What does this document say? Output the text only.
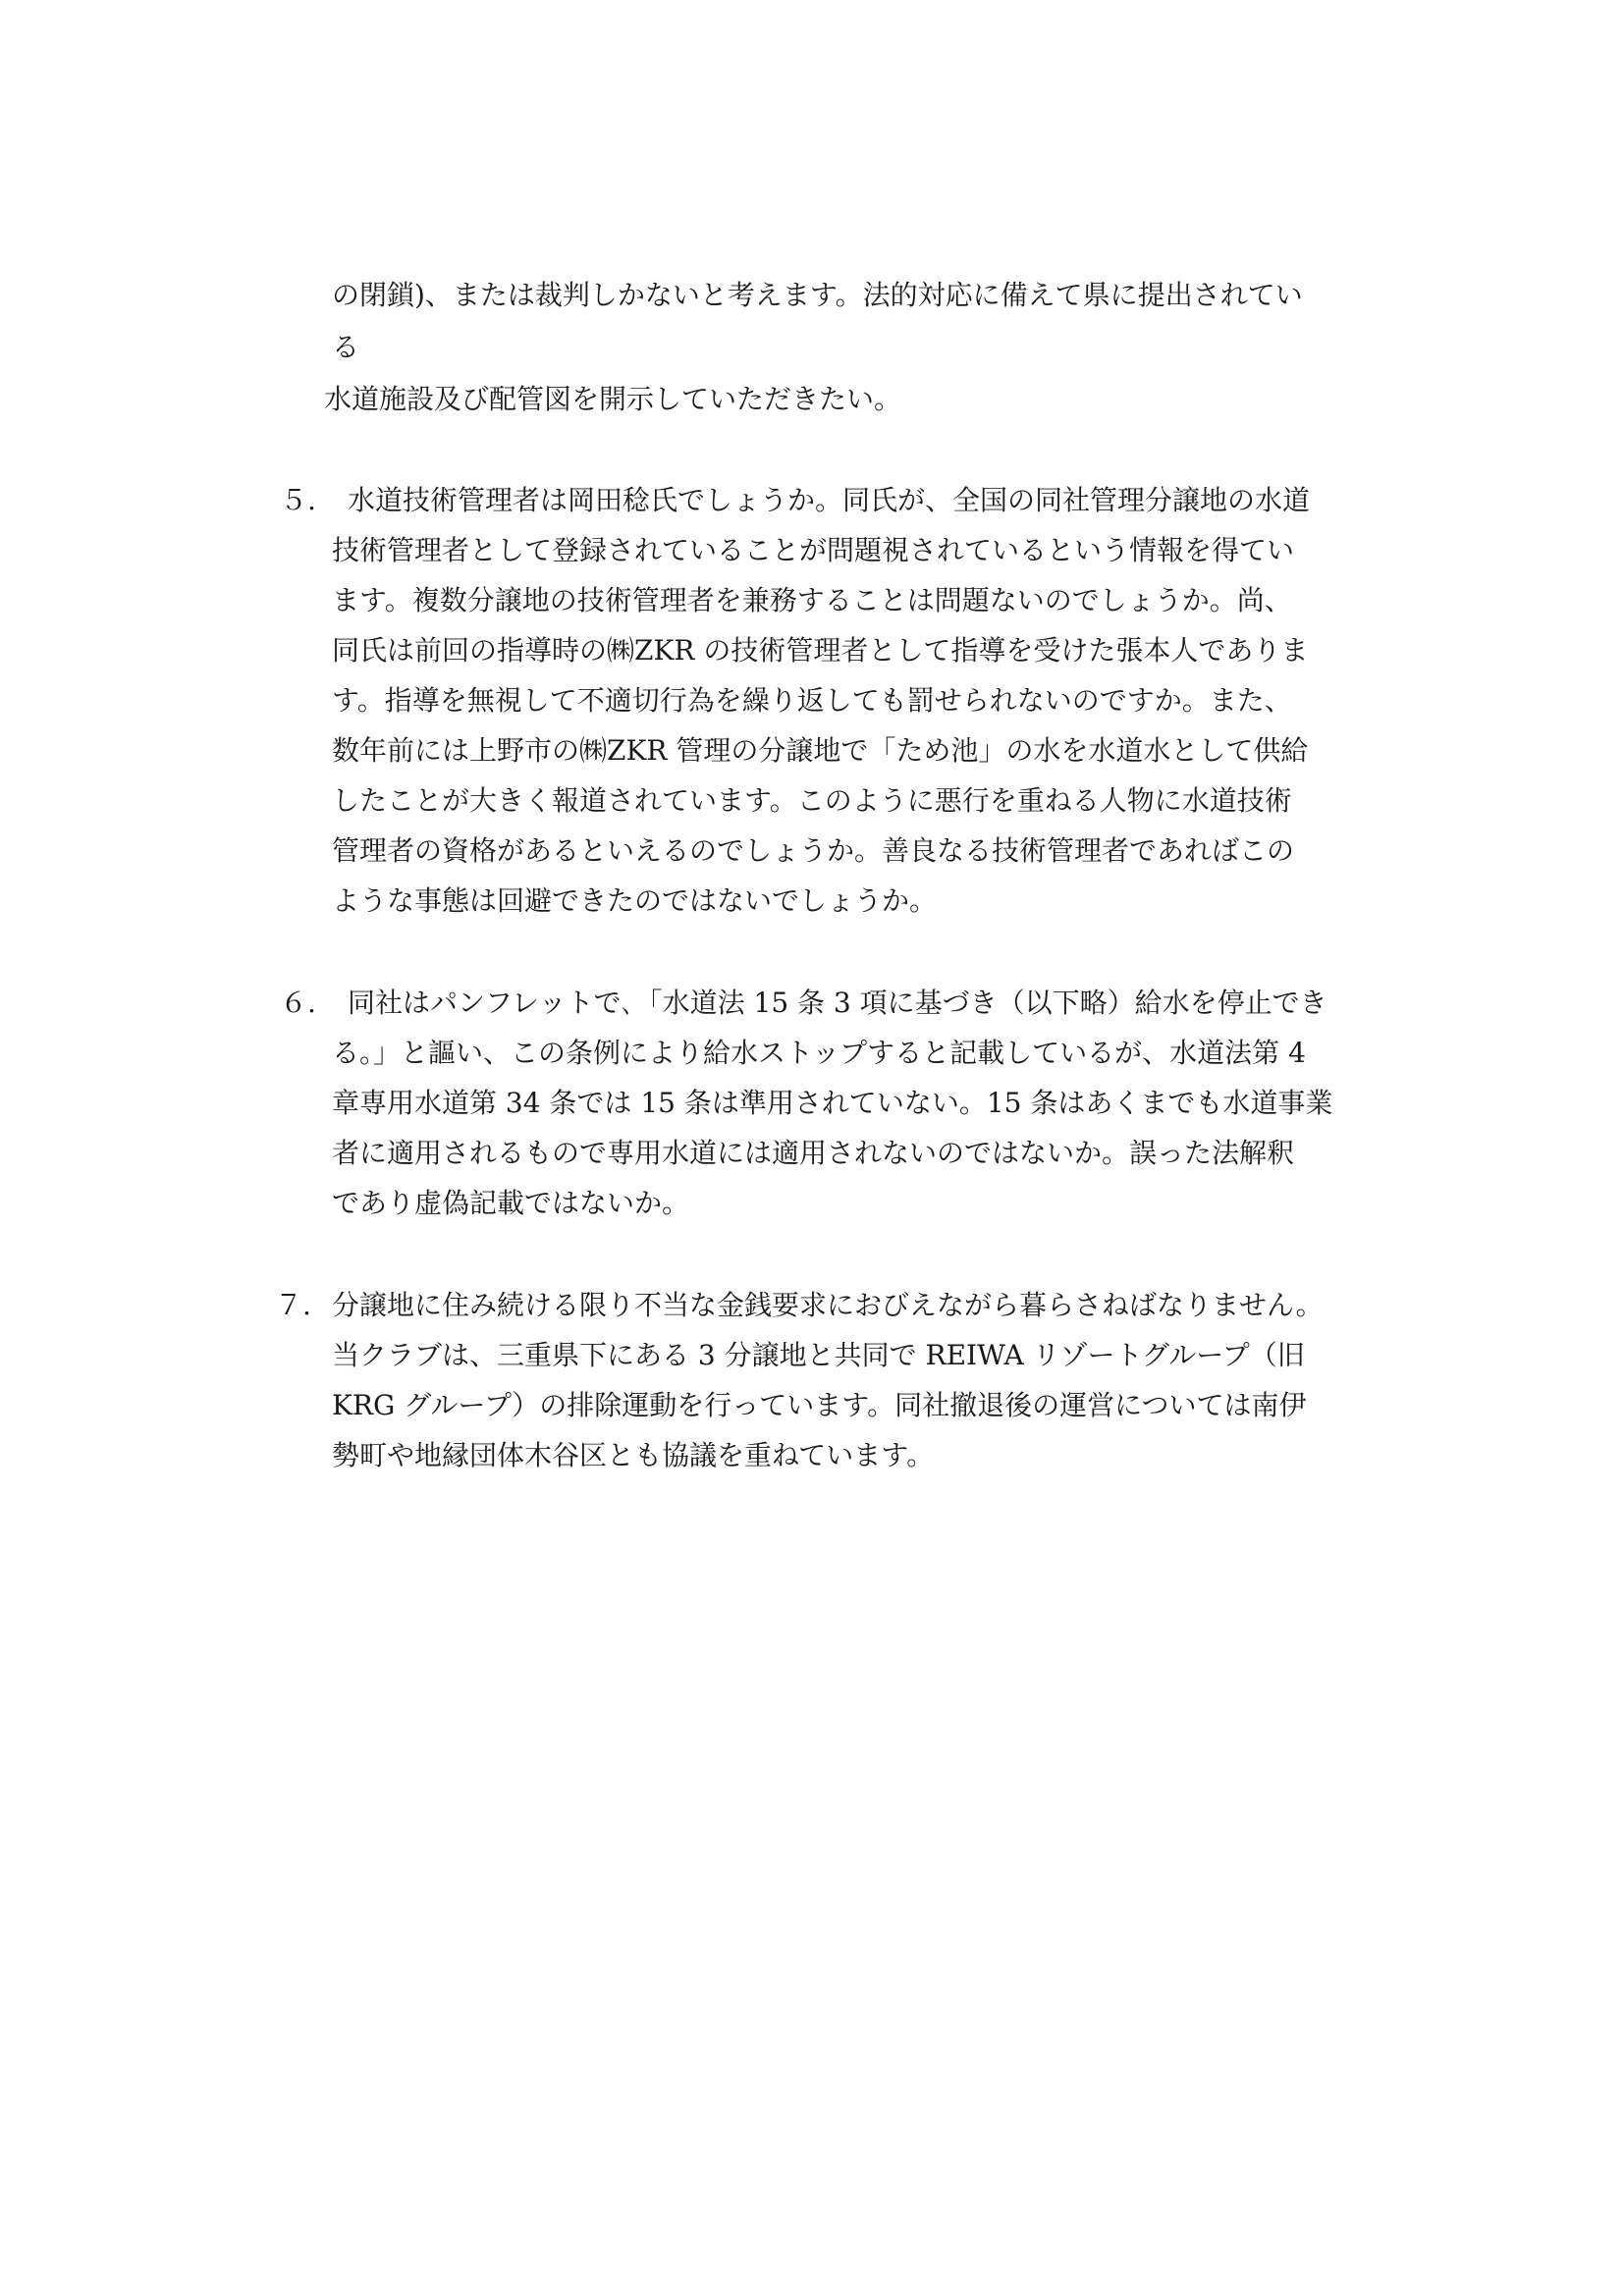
の閉鎖)、または裁判しかないと考えます。法的対応に備えて県に提出されてい
る
水道施設及び配管図を開示していただきたい。
５. 水道技術管理者は岡田稔氏でしょうか。同氏が、全国の同社管理分譲地の水道
技術管理者として登録されていることが問題視されているという情報を得てい
ます。複数分譲地の技術管理者を兼務することは問題ないのでしょうか。尚、
同氏は前回の指導時の㈱ZKR の技術管理者として指導を受けた張本人でありま
す。指導を無視して不適切行為を繰り返しても罰せられないのですか。また、
数年前には上野市の㈱ZKR 管理の分譲地で「ため池」の水を水道水として供給
したことが大きく報道されています。このように悪行を重ねる人物に水道技術
管理者の資格があるといえるのでしょうか。善良なる技術管理者であればこの
ような事態は回避できたのではないでしょうか。
６. 同社はパンフレットで､「水道法 15 条 3 項に基づき（以下略）給水を停止でき
る。」と謳い、この条例により給水ストップすると記載しているが、水道法第 4
章専用水道第 34 条では 15 条は準用されていない。15 条はあくまでも水道事業
者に適用されるもので専用水道には適用されないのではないか。誤った法解釈
であり虚偽記載ではないか。
７. 分譲地に住み続ける限り不当な金銭要求におびえながら暮らさねばなりません。
当クラブは、三重県下にある 3 分譲地と共同で REIWA リゾートグループ（旧
KRG グループ）の排除運動を行っています。同社撤退後の運営については南伊
勢町や地縁団体木谷区とも協議を重ねています。
